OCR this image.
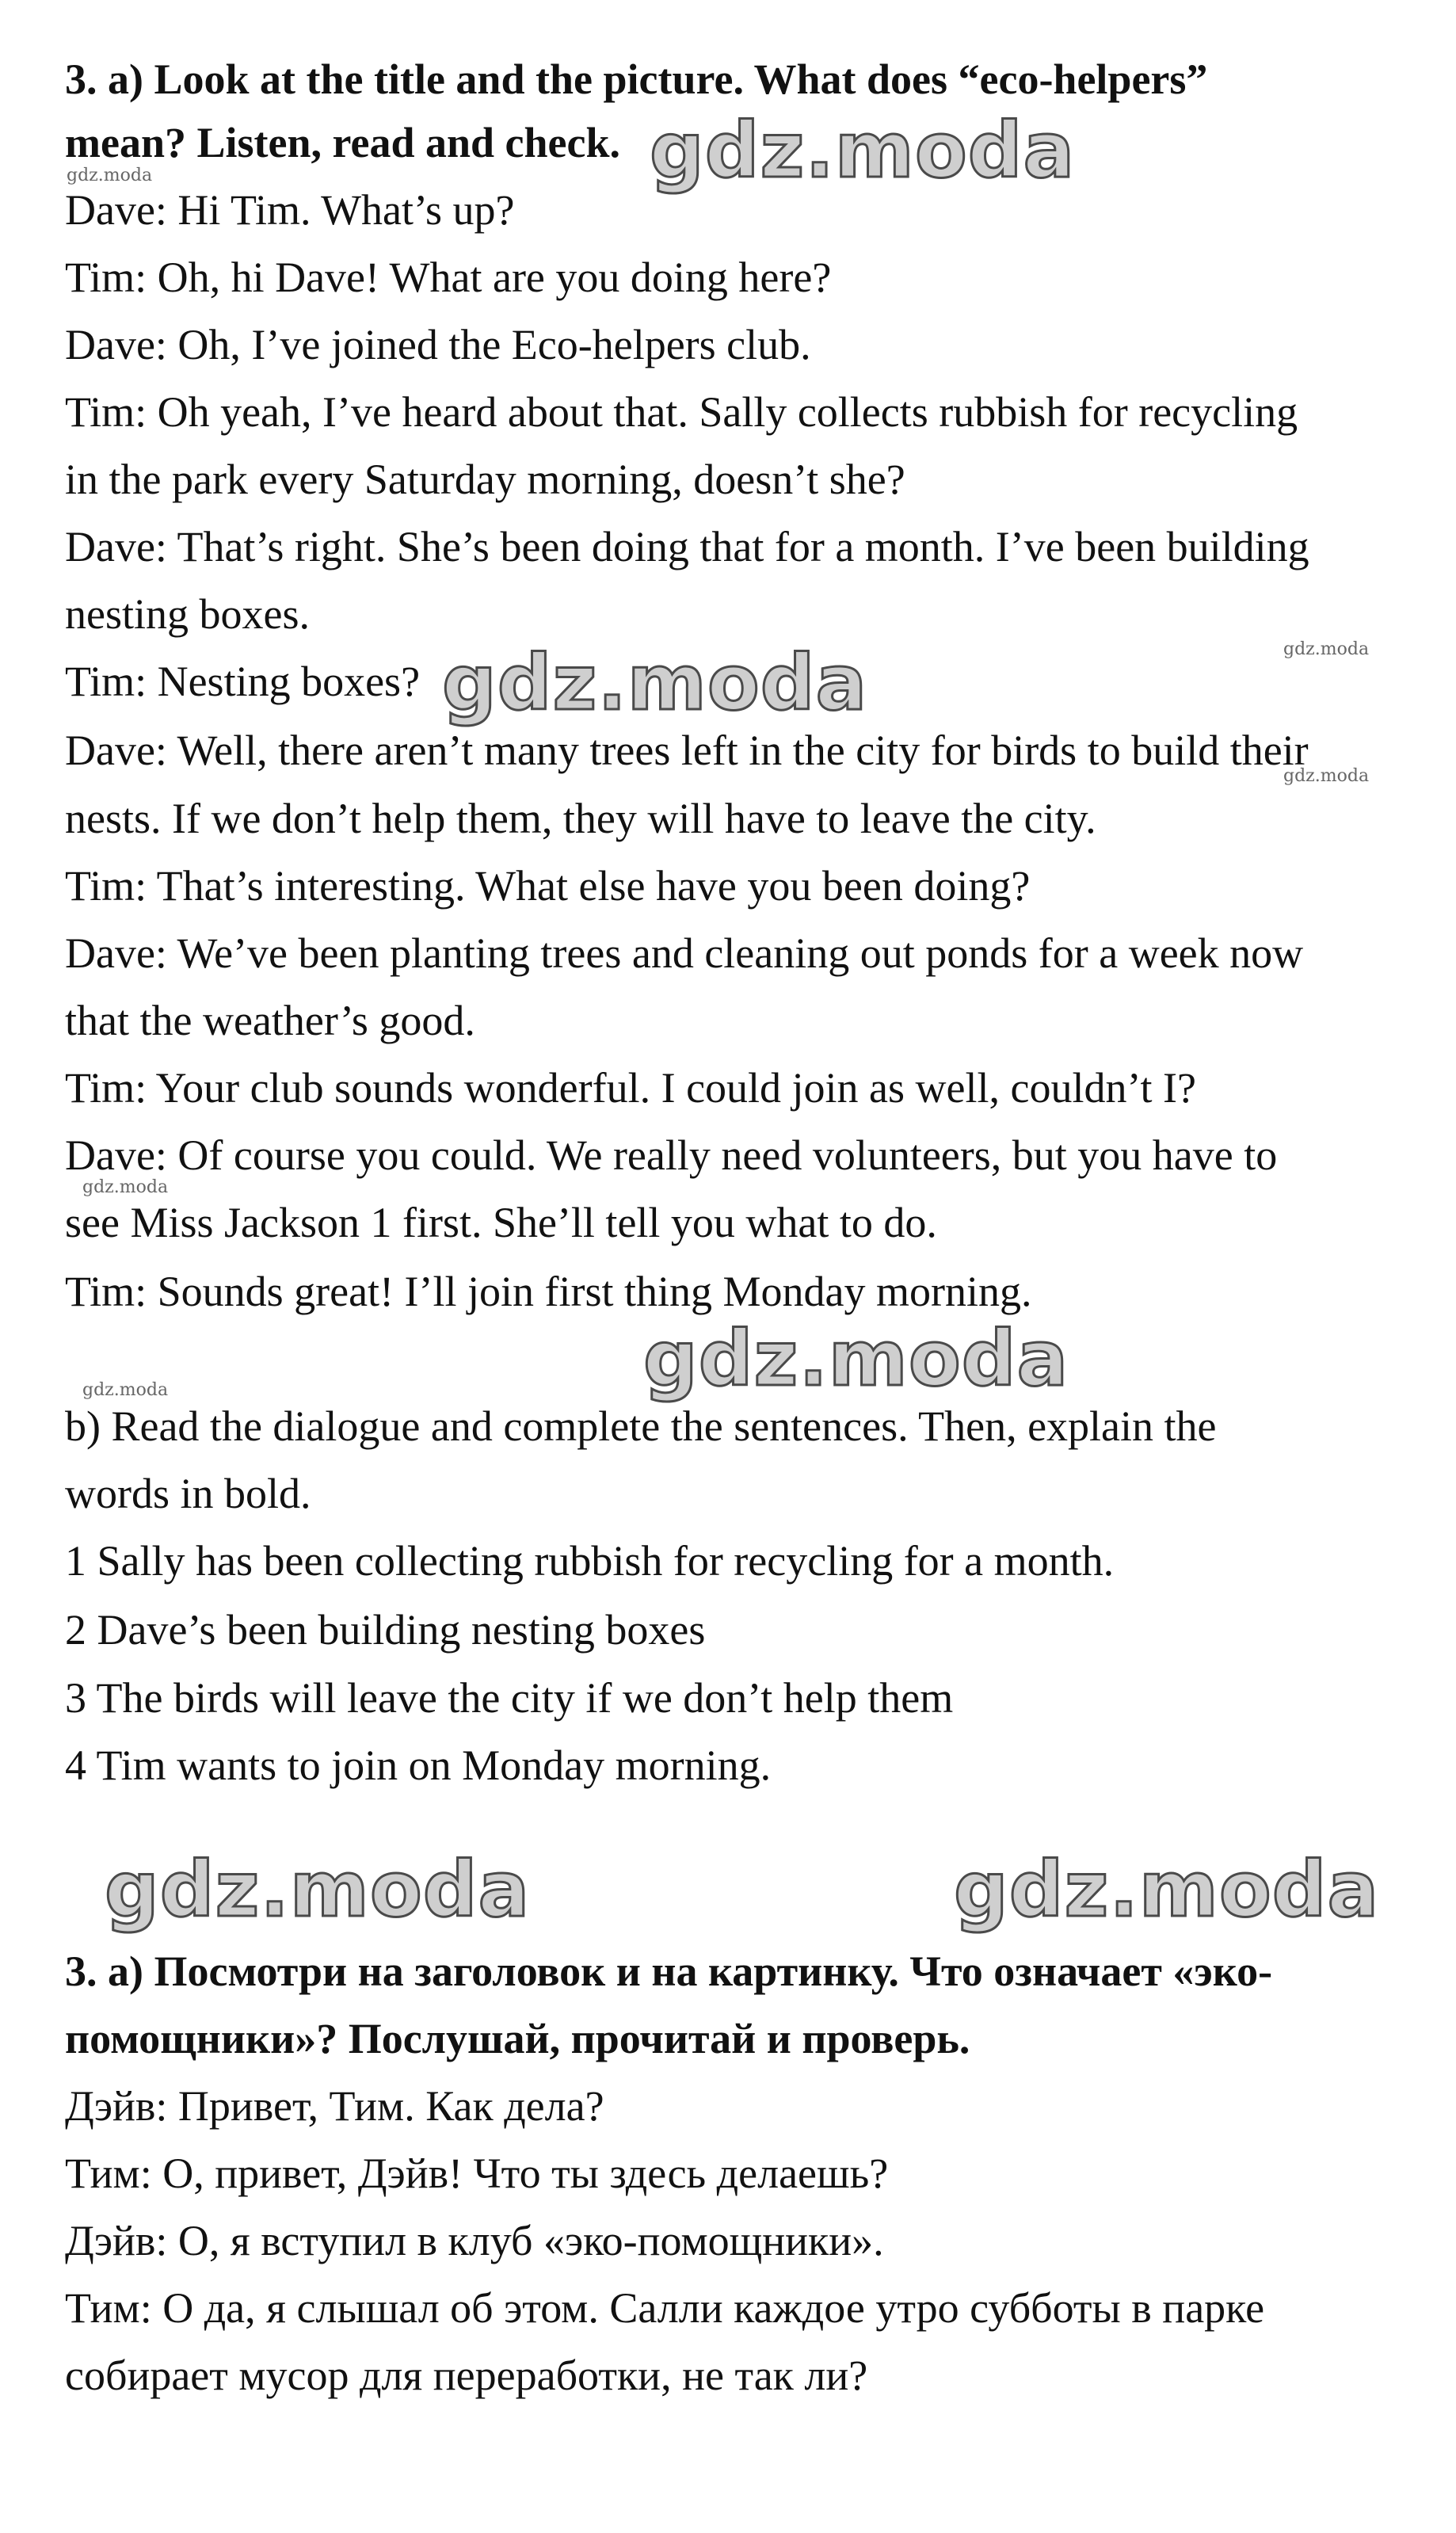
3. a) Look at the title and the picture. What does “eco-helpers”
mean? Listen, read and check.
Dave: Hi Tim. What’s up?
Tim: Oh, hi Dave! What are you doing here?
Dave: Oh, I’ve joined the Eco-helpers club.
Tim: Oh yeah, I’ve heard about that. Sally collects rubbish for recycling
in the park every Saturday morning, doesn’t she?
Dave: That’s right. She’s been doing that for a month. I’ve been building
nesting boxes.
Tim: Nesting boxes?
Dave: Well, there aren’t many trees left in the city for birds to build their
nests. If we don’t help them, they will have to leave the city.
Tim: That’s interesting. What else have you been doing?
Dave: We’ve been planting trees and cleaning out ponds for a week now
that the weather’s good.
Tim: Your club sounds wonderful. I could join as well, couldn’t I?
Dave: Of course you could. We really need volunteers, but you have to
see Miss Jackson 1 first. She’ll tell you what to do.
Tim: Sounds great! I’ll join first thing Monday morning.
b) Read the dialogue and complete the sentences. Then, explain the
words in bold.
1 Sally has been collecting rubbish for recycling for a month.
2 Dave’s been building nesting boxes
3 The birds will leave the city if we don’t help them
4 Tim wants to join on Monday morning.
3. а) Посмотри на заголовок и на картинку. Что означает «эко-
помощники»? Послушай, прочитай и проверь.
Дэйв: Привет, Тим. Как дела?
Тим: О, привет, Дэйв! Что ты здесь делаешь?
Дэйв: О, я вступил в клуб «эко-помощники».
Тим: О да, я слышал об этом. Салли каждое утро субботы в парке
собирает мусор для переработки, не так ли?
gdz.moda
gdz.moda
gdz.moda
gdz.moda	gdz.moda
gdz.moda
gdz.moda
gdz.moda
gdz.moda
gdz.moda
